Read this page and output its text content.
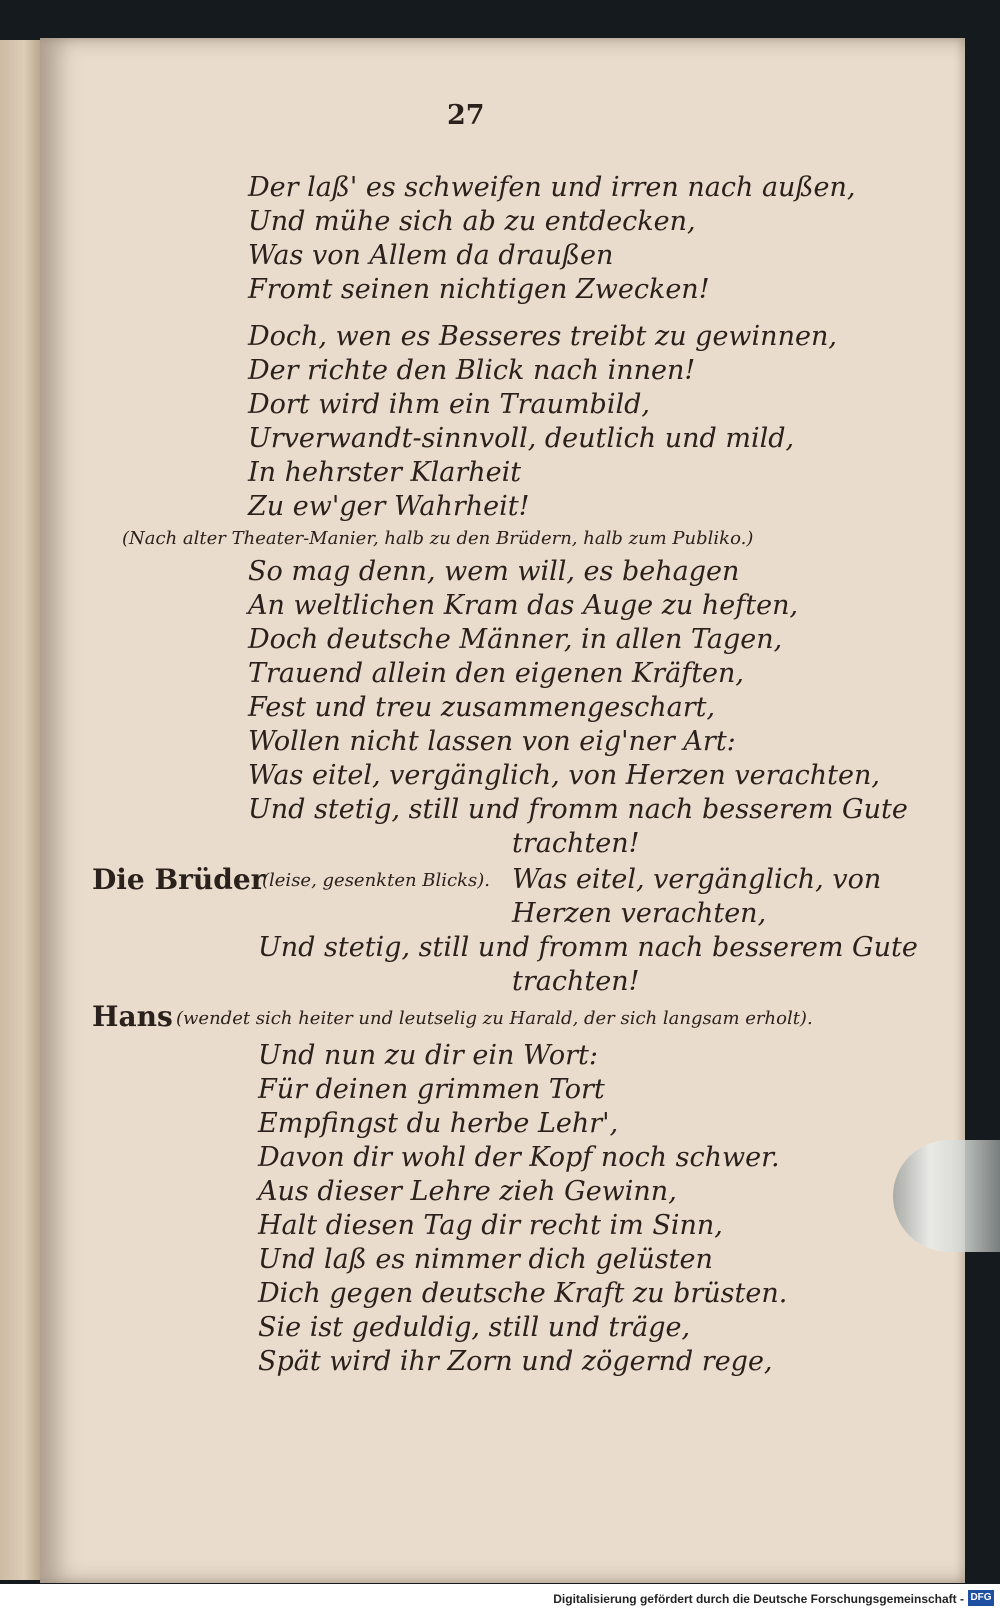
27
Der laß' es schweifen und irren nach außen,
Und mühe sich ab zu entdecken,
Was von Allem da draußen
Fromt seinen nichtigen Zwecken!
Doch, wen es Besseres treibt zu gewinnen,
Der richte den Blick nach innen!
Dort wird ihm ein Traumbild,
Urverwandt-sinnvoll, deutlich und mild,
In hehrster Klarheit
Zu ew'ger Wahrheit!
(Nach alter Theater-Manier, halb zu den Brüdern, halb zum Publiko.)
So mag denn, wem will, es behagen
An weltlichen Kram das Auge zu heften,
Doch deutsche Männer, in allen Tagen,
Trauend allein den eigenen Kräften,
Fest und treu zusammengeschart,
Wollen nicht lassen von eig'ner Art:
Was eitel, vergänglich, von Herzen verachten,
Und stetig, still und fromm nach besserem Gute
trachten!
Die Brüder
(leise, gesenkten Blicks). Was eitel, vergänglich, von
Herzen verachten,
Und stetig, still und fromm nach besserem Gute
trachten!
Hans (wendet sich heiter und leutselig zu Harald, der sich langsam erholt).
Und nun zu dir ein Wort:
Für deinen grimmen Tort
Empfingst du herbe Lehr',
Davon dir wohl der Kopf noch schwer.
Aus dieser Lehre zieh Gewinn,
Halt diesen Tag dir recht im Sinn,
Und laß es nimmer dich gelüsten
Dich gegen deutsche Kraft zu brüsten.
Sie ist geduldig, still und träge,
Spät wird ihr Zorn und zögernd rege,
Digitalisierung gefördert durch die Deutsche Forschungsgemeinschaft - DFG
